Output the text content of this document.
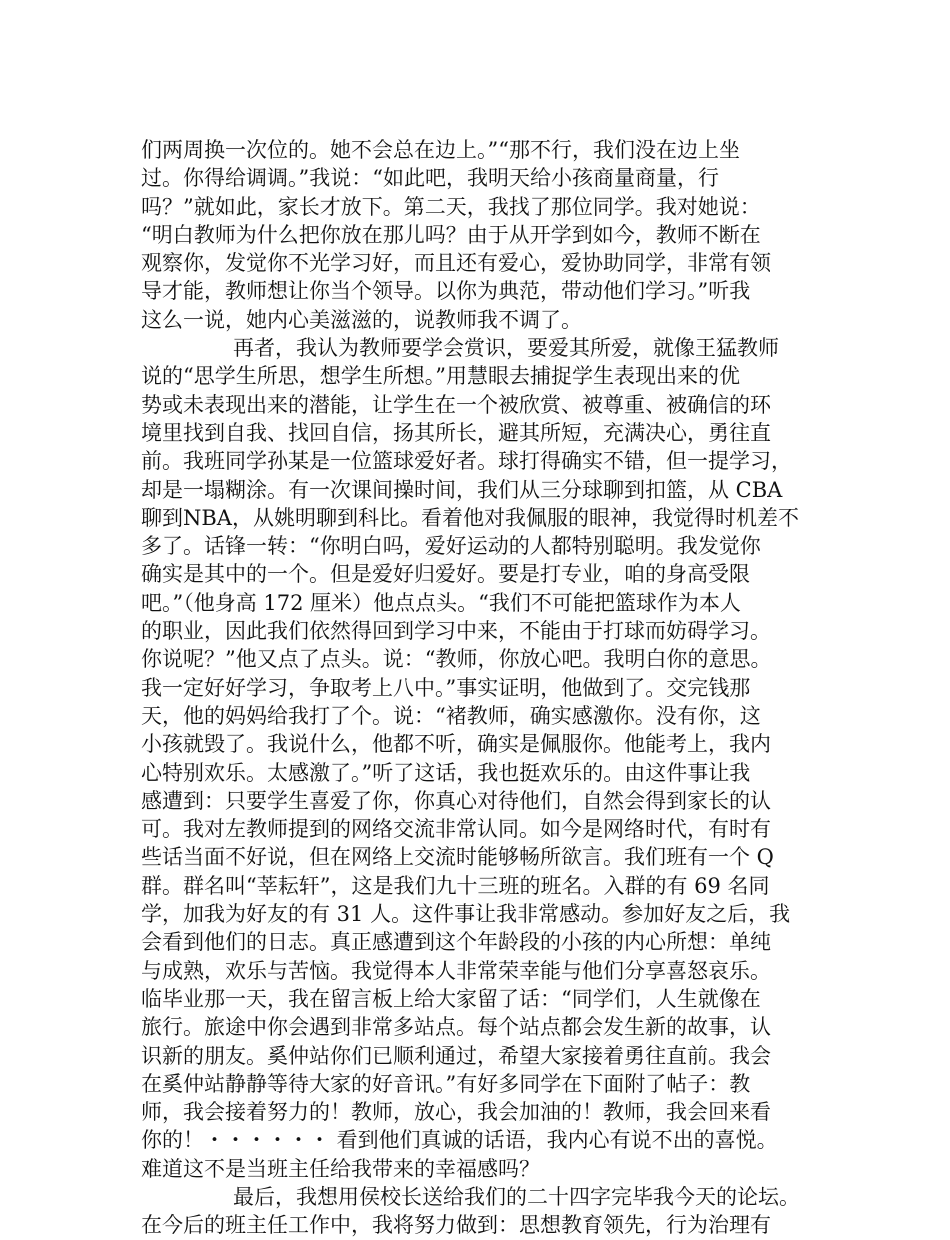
们两周换一次位的。她不会总在边上。”“那不行，我们没在边上坐
过。你得给调调。”我说：“如此吧，我明天给小孩商量商量，行
吗？”就如此，家长才放下。第二天，我找了那位同学。我对她说：
“明白教师为什么把你放在那儿吗？由于从开学到如今，教师不断在
观察你，发觉你不光学习好，而且还有爱心，爱协助同学，非常有领
导才能，教师想让你当个领导。以你为典范，带动他们学习。”听我
这么一说，她内心美滋滋的，说教师我不调了。
再者，我认为教师要学会赏识，要爱其所爱，就像王猛教师
说的“思学生所思，想学生所想。”用慧眼去捕捉学生表现出来的优
势或未表现出来的潜能，让学生在一个被欣赏、被尊重、被确信的环
境里找到自我、找回自信，扬其所长，避其所短，充满决心，勇往直
前。我班同学孙某是一位篮球爱好者。球打得确实不错，但一提学习，
却是一塌糊涂。有一次课间操时间，我们从三分球聊到扣篮，从 CBA
聊到NBA，从姚明聊到科比。看着他对我佩服的眼神，我觉得时机差不
多了。话锋一转：“你明白吗，爱好运动的人都特别聪明。我发觉你
确实是其中的一个。但是爱好归爱好。要是打专业，咱的身高受限
吧。”（他身高 172 厘米）他点点头。“我们不可能把篮球作为本人
的职业，因此我们依然得回到学习中来，不能由于打球而妨碍学习。
你说呢？”他又点了点头。说：“教师，你放心吧。我明白你的意思。
我一定好好学习，争取考上八中。”事实证明，他做到了。交完钱那
天，他的妈妈给我打了个。说：“褚教师，确实感激你。没有你，这
小孩就毁了。我说什么，他都不听，确实是佩服你。他能考上，我内
心特别欢乐。太感激了。”听了这话，我也挺欢乐的。由这件事让我
感遭到：只要学生喜爱了你，你真心对待他们，自然会得到家长的认
可。我对左教师提到的网络交流非常认同。如今是网络时代，有时有
些话当面不好说，但在网络上交流时能够畅所欲言。我们班有一个 Q
群。群名叫“莘耘轩”，这是我们九十三班的班名。入群的有 69 名同
学，加我为好友的有 31 人。这件事让我非常感动。参加好友之后，我
会看到他们的日志。真正感遭到这个年龄段的小孩的内心所想：单纯
与成熟，欢乐与苦恼。我觉得本人非常荣幸能与他们分享喜怒哀乐。
临毕业那一天，我在留言板上给大家留了话：“同学们，人生就像在
旅行。旅途中你会遇到非常多站点。每个站点都会发生新的故事，认
识新的朋友。奚仲站你们已顺利通过，希望大家接着勇往直前。我会
在奚仲站静静等待大家的好音讯。”有好多同学在下面附了帖子：教
师，我会接着努力的！教师，放心，我会加油的！教师，我会回来看
你的！・・・・・・ 看到他们真诚的话语，我内心有说不出的喜悦。
难道这不是当班主任给我带来的幸福感吗？
最后，我想用侯校长送给我们的二十四字完毕我今天的论坛。
在今后的班主任工作中，我将努力做到：思想教育领先，行为治理有
